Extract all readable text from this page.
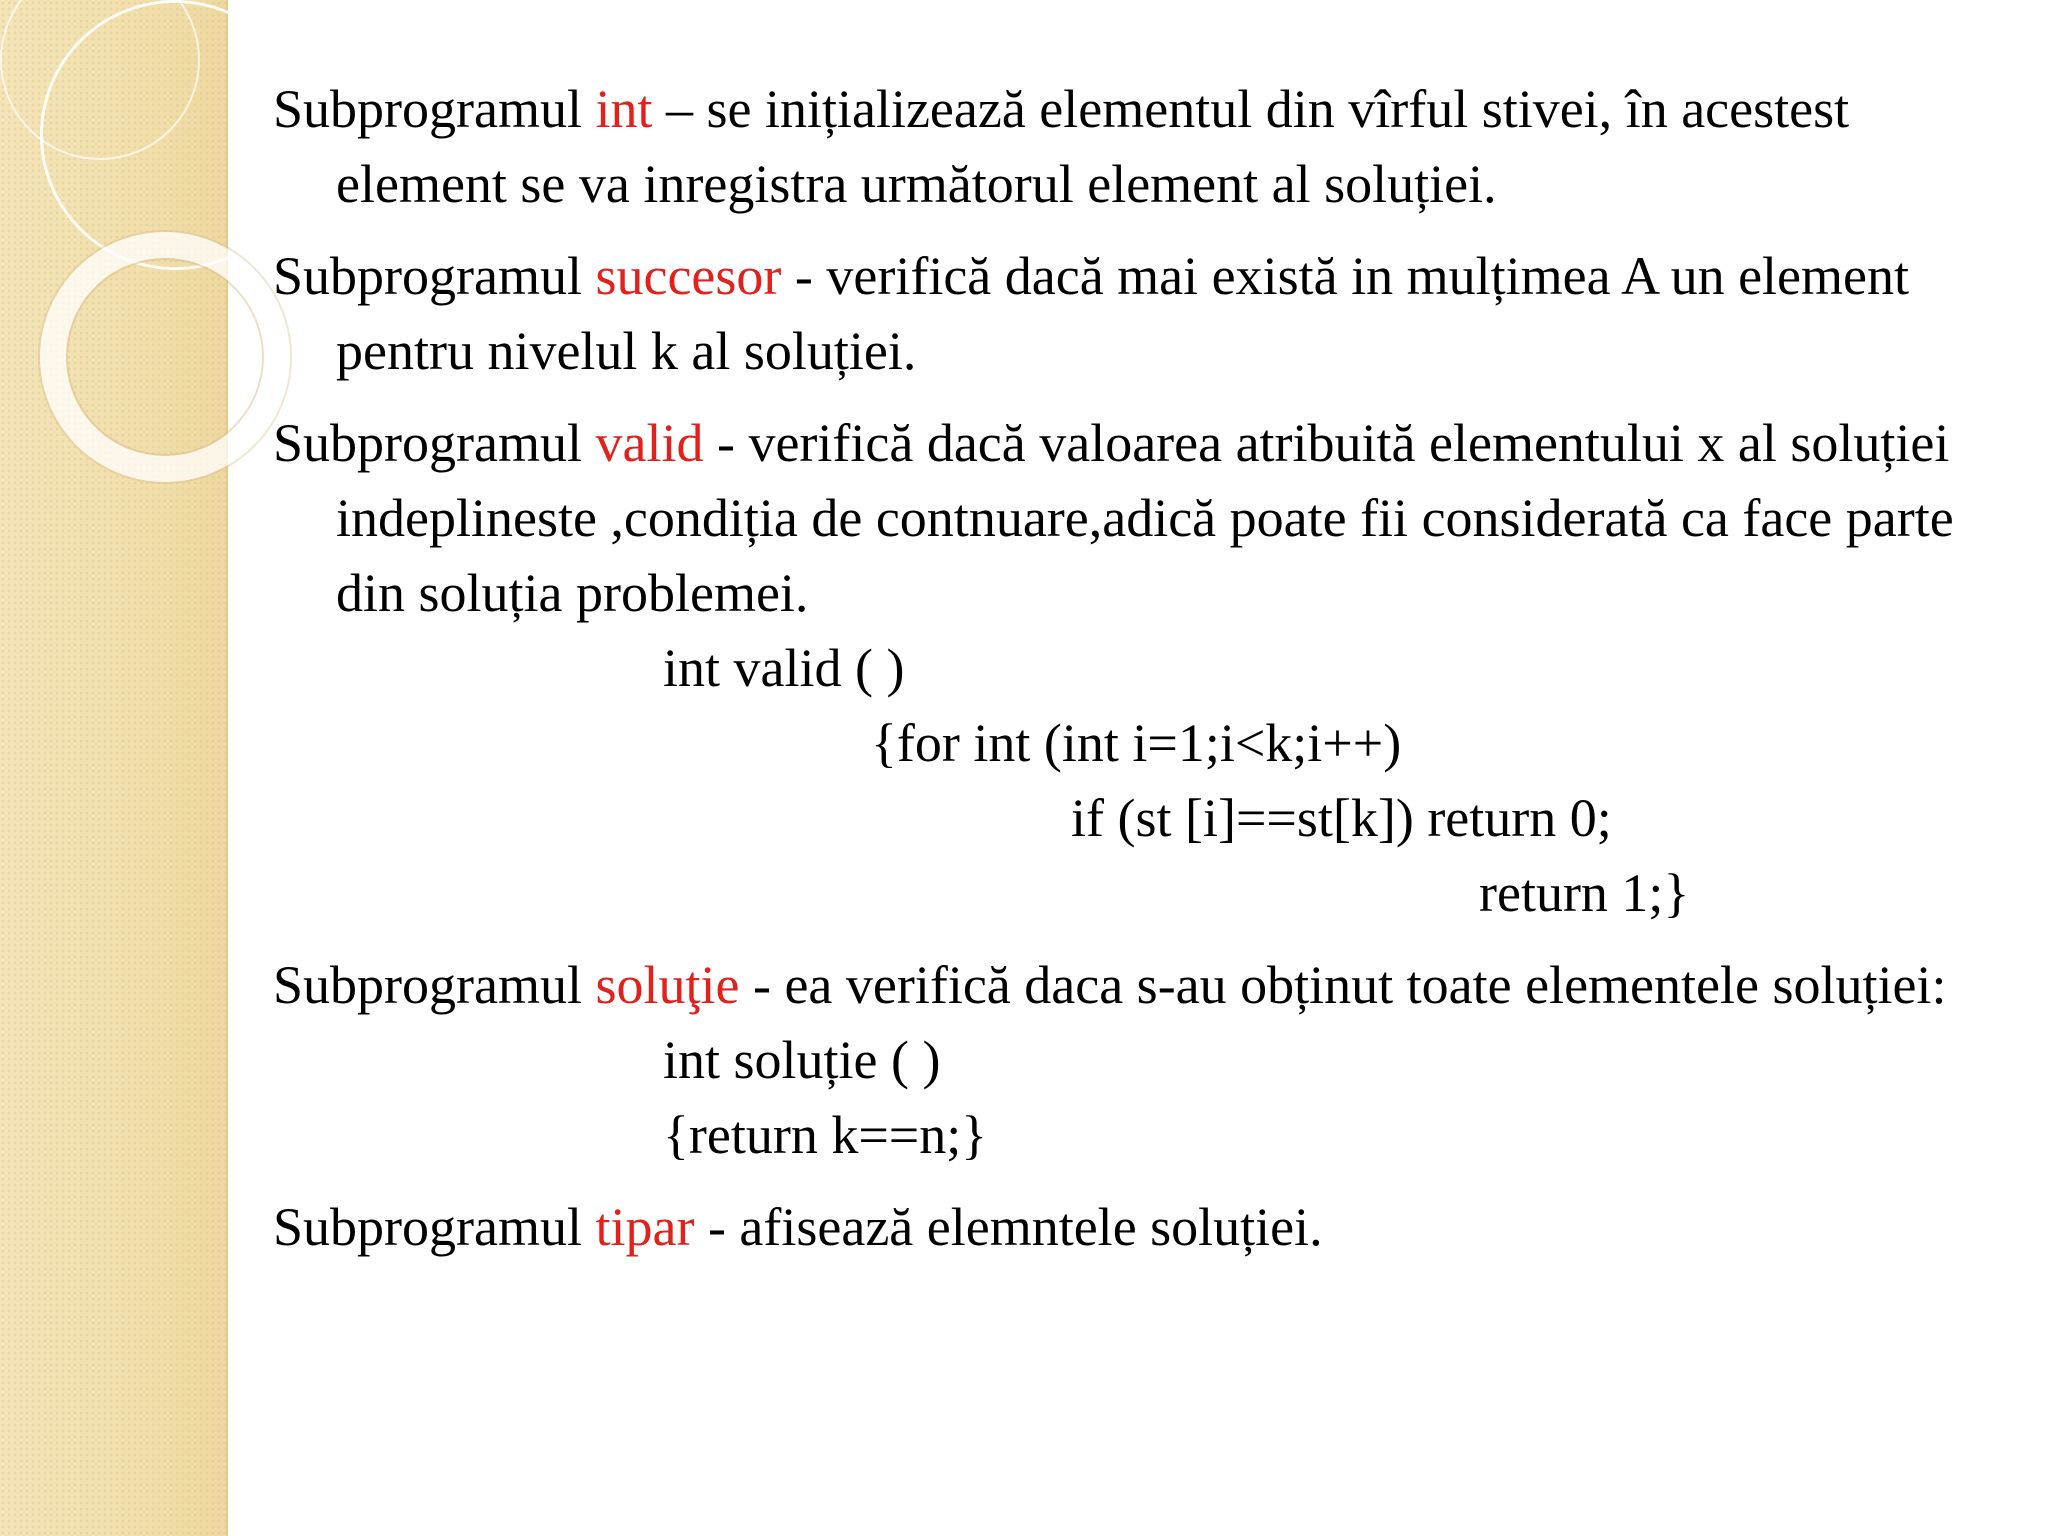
Subprogramul int – se inițializează elementul din vîrful stivei, în acestest element se va inregistra următorul element al soluției.

Subprogramul succesor - verifică dacă mai există in mulțimea A un element pentru nivelul k al soluției.

Subprogramul valid - verifică dacă valoarea atribuită elementului x al soluției indeplineste ,condiția de contnuare,adică poate fii considerată ca face parte din soluția problemei.

int valid ( )
{for int (int i=1;i<k;i++)
if (st [i]==st[k]) return 0;
return 1;}

Subprogramul soluţie - ea verifică daca s-au obținut toate elementele soluției:

int soluție ( )
{return k==n;}

Subprogramul tipar - afisează elemntele soluției.
